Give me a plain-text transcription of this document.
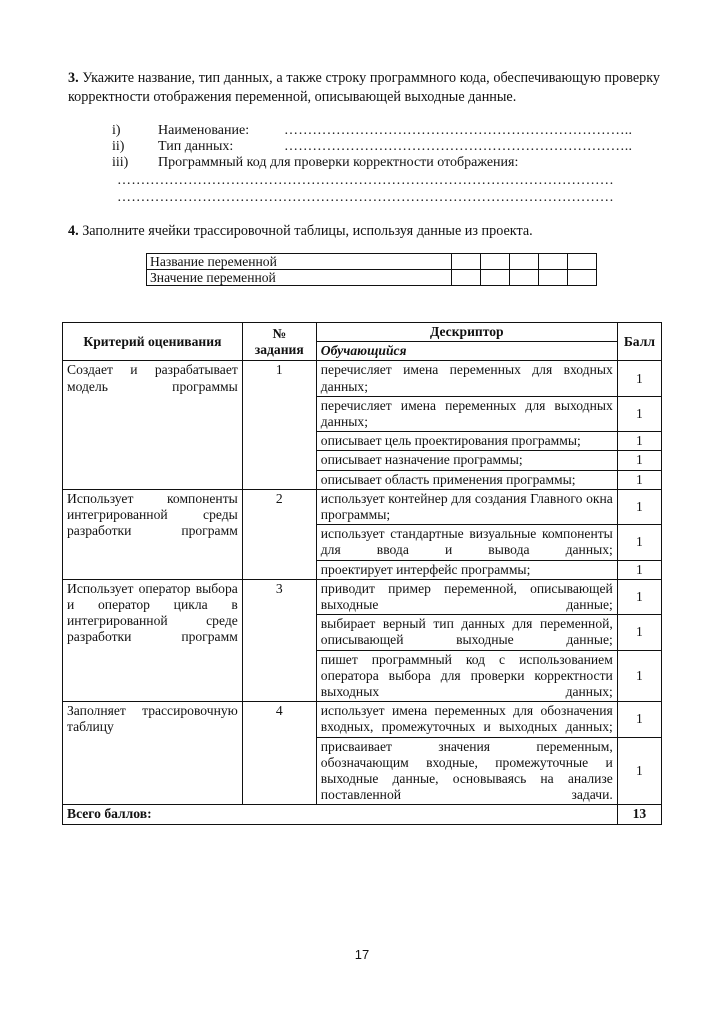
3. Укажите название, тип данных, а также строку программного кода, обеспечивающую проверку корректности отображения переменной, описывающей выходные данные.
i)	Наименование: ………………………………………………………………..
ii) Тип данных:	………………………………………………………………..
iii) Программный код для проверки корректности отображения:
……………………………………………………………………………………………
……………………………………………………………………………………………
4. Заполните ячейки трассировочной таблицы, используя данные из проекта.
Название переменной					
Значение переменной					
Критерий оценивания	№ задания	Дескриптор	Балл
		Обучающийся	
Создает и разрабатывает модель программы	1	перечисляет имена переменных для входных данных;	1
		перечисляет имена переменных для выходных данных;	1
		описывает цель проектирования программы;	1
		описывает назначение программы;	1
		описывает область применения программы;	1
Использует компоненты интегрированной среды разработки программ	2	использует контейнер для создания Главного окна программы;	1
		использует стандартные визуальные компоненты для ввода и вывода данных;	1
		проектирует интерфейс программы;	1
Использует оператор выбора и оператор цикла в интегрированной среде разработки программ	3	приводит пример переменной, описывающей выходные данные;	1
		выбирает верный тип данных для переменной, описывающей выходные данные;	1
		пишет программный код с использованием оператора выбора для проверки корректности выходных данных;	1
Заполняет трассировочную таблицу	4	использует имена переменных для обозначения входных, промежуточных и выходных данных;	1
		присваивает значения переменным, обозначающим входные, промежуточные и выходные данные, основываясь на анализе поставленной задачи.	1
Всего баллов:			13
17
